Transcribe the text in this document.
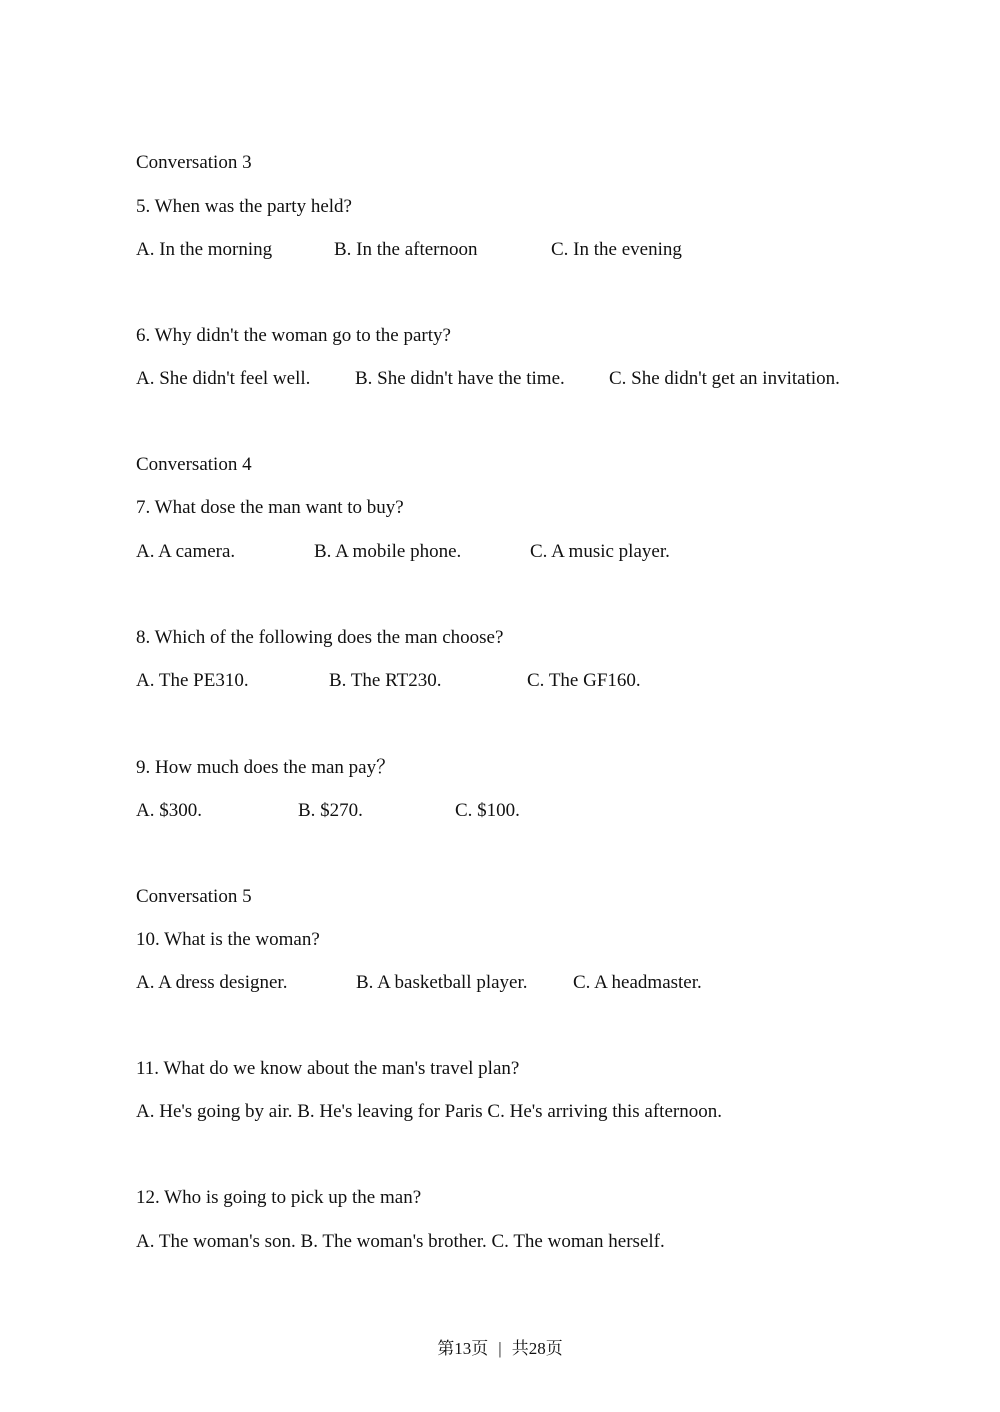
Conversation 3
5. When was the party held?
A. In the morning	B. In the afternoon	C. In the evening
6. Why didn't the woman go to the party?
A. She didn't feel well. B. She didn't have the time. C. She didn't get an invitation.
Conversation 4
7. What dose the man want to buy?
A. A camera.	B. A mobile phone.	C. A music player.
8. Which of the following does the man choose?
A. The PE310.	B. The RT230.	C. The GF160.
9. How much does the man pay？
A. $300.	B. $270.	C. $100.
Conversation 5
10. What is the woman?
A. A dress designer.	B. A basketball player. C. A headmaster.
11. What do we know about the man's travel plan?
A. He's going by air. B. He's leaving for Paris C. He's arriving this afternoon.
12. Who is going to pick up the man?
A. The woman's son. B. The woman's brother. C. The woman herself.
第13页 | 共28页
